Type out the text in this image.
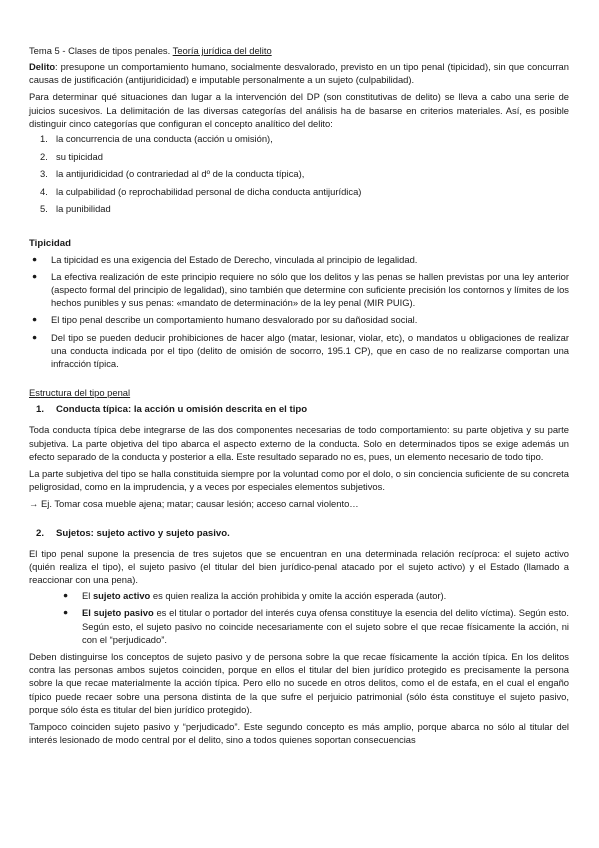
Tema 5 - Clases de tipos penales. Teoría jurídica del delito

Delito: presupone un comportamiento humano, socialmente desvalorado, previsto en un tipo penal (tipicidad), sin que concurran causas de justificación (antijuridicidad) e imputable personalmente a un sujeto (culpabilidad).

Para determinar qué situaciones dan lugar a la intervención del DP (son constitutivas de delito) se lleva a cabo una serie de juicios sucesivos. La delimitación de las diversas categorías del análisis ha de basarse en criterios materiales. Así, es posible distinguir cinco categorías que configuran el concepto analítico del delito:

1. la concurrencia de una conducta (acción u omisión),
2. su tipicidad
3. la antijuridicidad (o contrariedad al dº de la conducta típica),
4. la culpabilidad (o reprochabilidad personal de dicha conducta antijurídica)
5. la punibilidad

Tipicidad

●	La tipicidad es una exigencia del Estado de Derecho, vinculada al principio de legalidad.
●	La efectiva realización de este principio requiere no sólo que los delitos y las penas se hallen previstas por una ley anterior (aspecto formal del principio de legalidad), sino también que determine con suficiente precisión los contornos y límites de los hechos punibles y sus penas: «mandato de determinación» de la ley penal (MIR PUIG).
●	El tipo penal describe un comportamiento humano desvalorado por su dañosidad social.
●	Del tipo se pueden deducir prohibiciones de hacer algo (matar, lesionar, violar, etc), o mandatos u obligaciones de realizar una conducta indicada por el tipo (delito de omisión de socorro, 195.1 CP), que en caso de no realizarse comportan una infracción típica.

Estructura del tipo penal

1.	Conducta típica: la acción u omisión descrita en el tipo

Toda conducta típica debe integrarse de las dos componentes necesarias de todo comportamiento: su parte objetiva y su parte subjetiva. La parte objetiva del tipo abarca el aspecto externo de la conducta. Solo en determinados tipos se exige además un efecto separado de la conducta y posterior a ella. Este resultado separado no es, pues, un elemento necesario de todo tipo.

La parte subjetiva del tipo se halla constituida siempre por la voluntad como por el dolo, o sin conciencia suficiente de su concreta peligrosidad, como en la imprudencia, y a veces por especiales elementos subjetivos.

→ Ej. Tomar cosa mueble ajena; matar; causar lesión; acceso carnal violento…

2.	Sujetos: sujeto activo y sujeto pasivo.

El tipo penal supone la presencia de tres sujetos que se encuentran en una determinada relación recíproca: el sujeto activo (quién realiza el tipo), el sujeto pasivo (el titular del bien jurídico-penal atacado por el sujeto activo) y el Estado (llamado a reaccionar con una pena).

●	El sujeto activo es quien realiza la acción prohibida y omite la acción esperada (autor).
●	El sujeto pasivo es el titular o portador del interés cuya ofensa constituye la esencia del delito víctima). Según esto. Según esto, el sujeto pasivo no coincide necesariamente con el sujeto sobre el que recae físicamente la acción, ni con el “perjudicado”.

Deben distinguirse los conceptos de sujeto pasivo y de persona sobre la que recae físicamente la acción típica. En los delitos contra las personas ambos sujetos coinciden, porque en ellos el titular del bien jurídico protegido es precisamente la persona sobre la que recae materialmente la acción típica. Pero ello no sucede en otros delitos, como el de estafa, en el cual el engaño típico puede recaer sobre una persona distinta de la que sufre el perjuicio patrimonial (sólo ésta constituye el sujeto pasivo, porque sólo ésta es titular del bien jurídico protegido).

Tampoco coinciden sujeto pasivo y “perjudicado”. Este segundo concepto es más amplio, porque abarca no sólo al titular del interés lesionado de modo central por el delito, sino a todos quienes soportan consecuencias
